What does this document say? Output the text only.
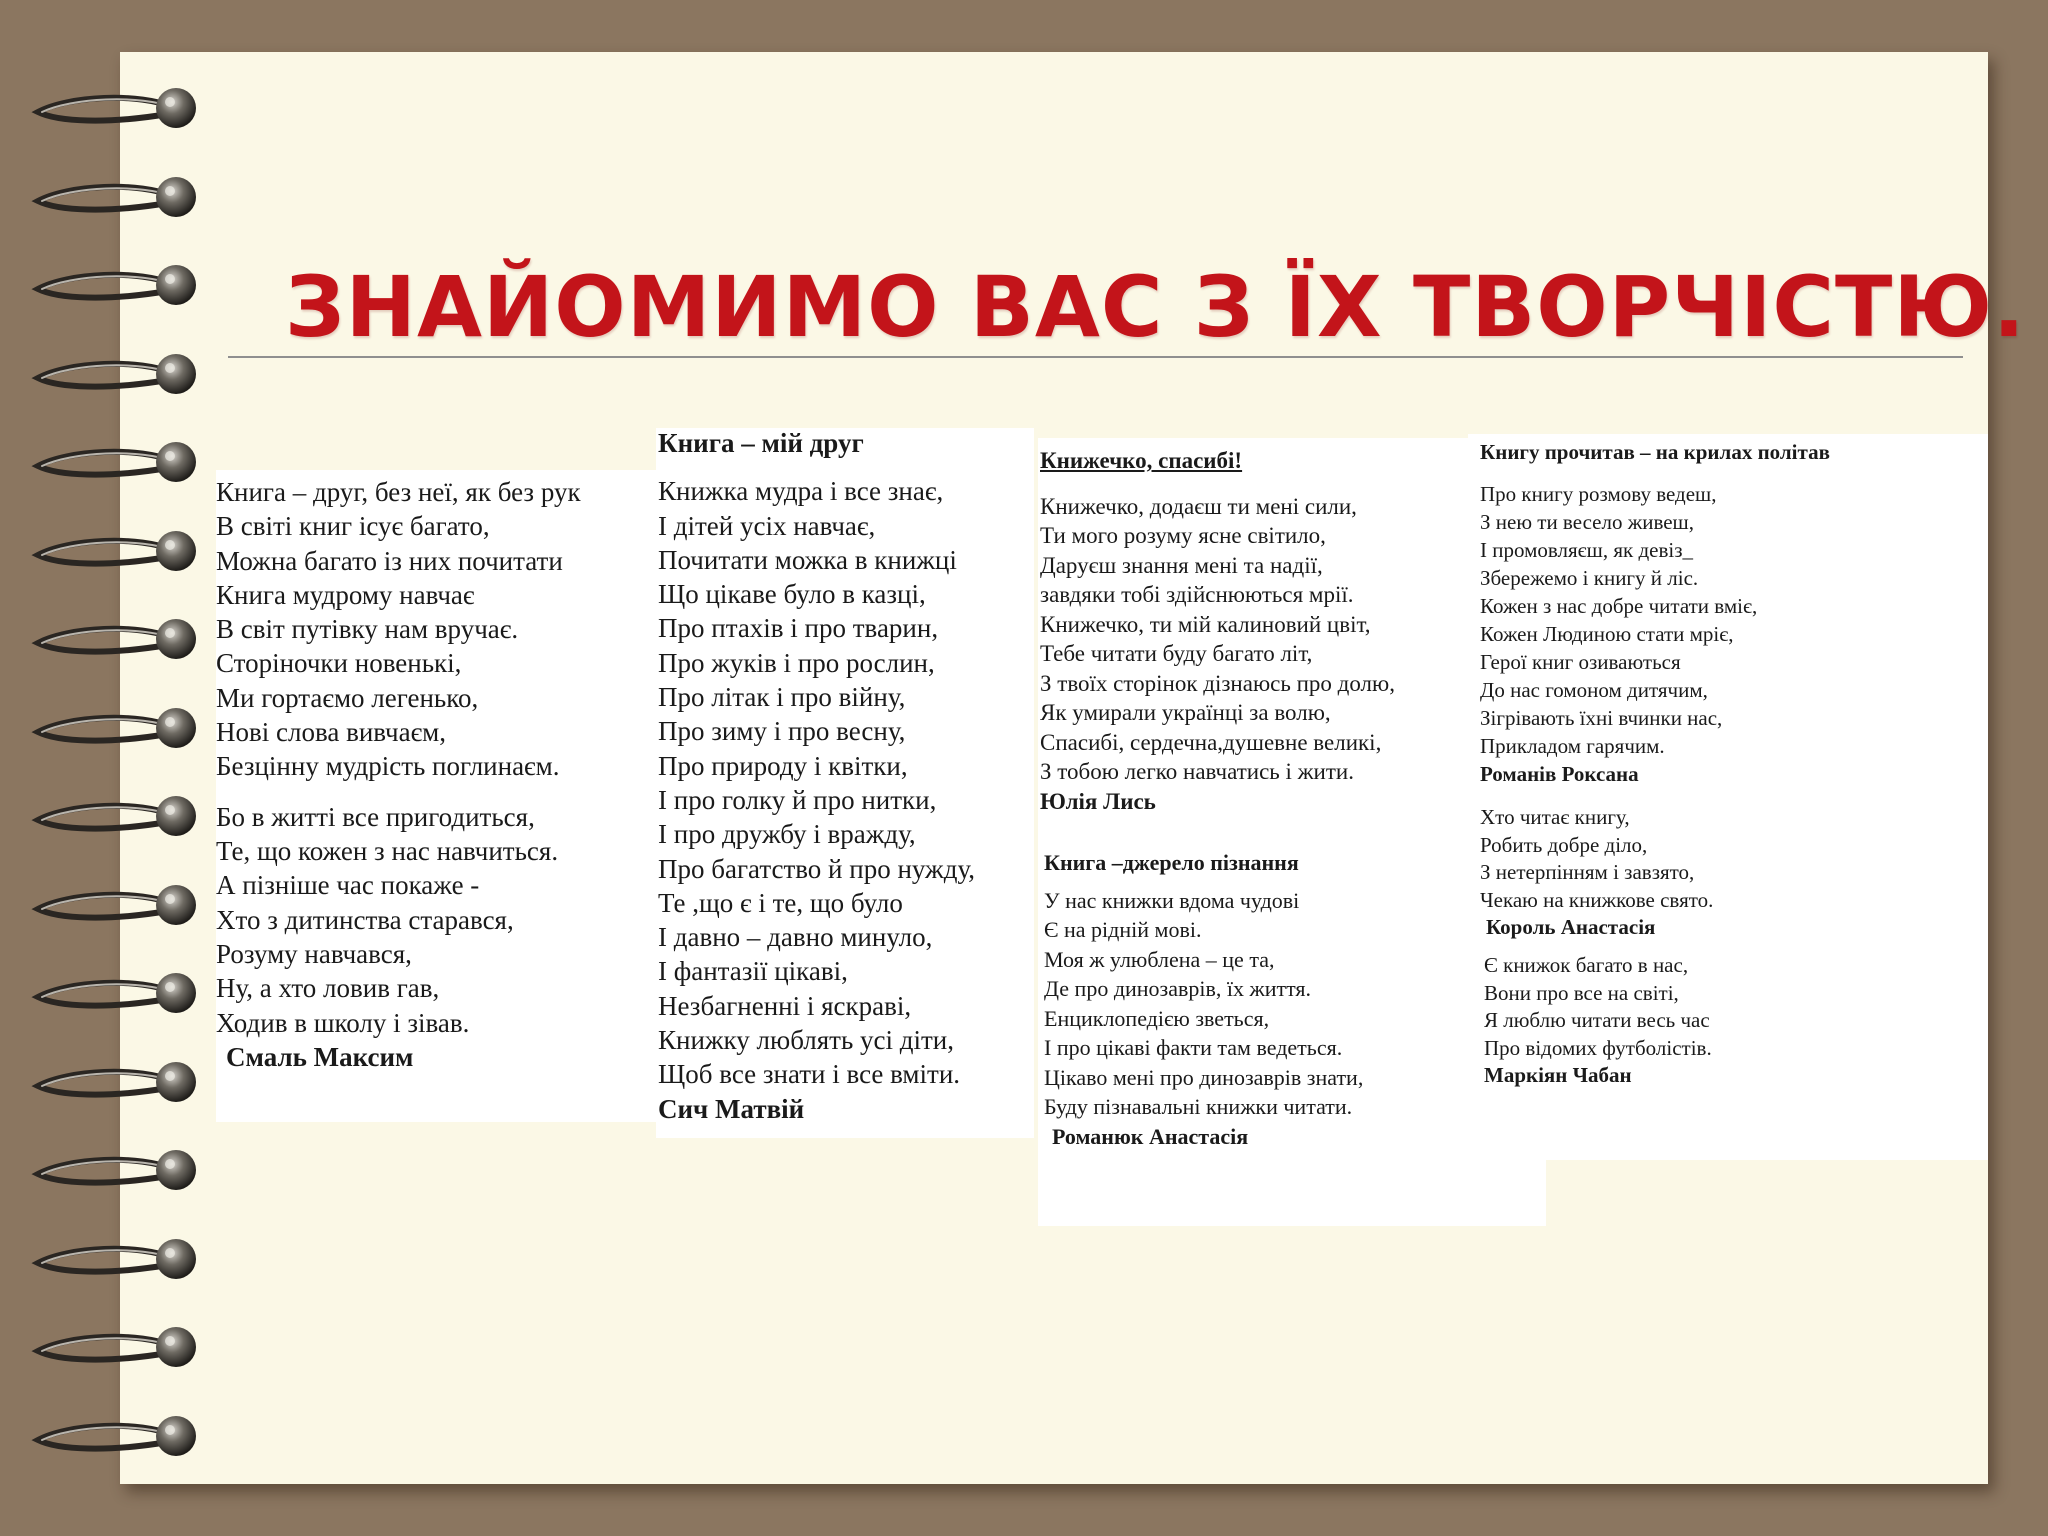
ЗНАЙОМИМО ВАС З ЇХ ТВОРЧІСТЮ.
Книга – друг, без неї, як без рук
В світі книг ісує багато,
Можна багато із них почитати
Книга мудрому навчає
В світ путівку нам вручає.
Сторіночки новенькі,
Ми гортаємо легенько,
Нові слова вивчаєм,
Безцінну мудрість поглинаєм.
Бо в житті все пригодиться,
Те, що кожен з нас навчиться.
А пізніше час покаже -
Хто з дитинства старався,
Розуму навчався,
Ну, а хто ловив гав,
Ходив в школу і зівав.
Смаль Максим
Книга – мій друг
Книжка мудра і все знає,
І дітей усіх навчає,
Почитати можка в книжці
Що цікаве було в казці,
Про птахів і про тварин,
Про жуків і про рослин,
Про літак і про війну,
Про зиму і про весну,
Про природу і квітки,
І про голку й про нитки,
І про дружбу і вражду,
Про багатство й про нужду,
Те ,що є і те, що було
І давно – давно минуло,
І фантазії цікаві,
Незбагненні і яскраві,
Книжку люблять усі діти,
Щоб все знати і все вміти.
Сич Матвій
Книжечко, спасибі!
Книжечко, додаєш ти мені сили,
Ти мого розуму ясне світило,
Даруєш знання мені та надії,
завдяки тобі здійснюються мрії.
Книжечко, ти мій калиновий цвіт,
Тебе читати буду багато літ,
З твоїх сторінок дізнаюсь про долю,
Як умирали українці за волю,
Спасибі, сердечна,душевне великі,
З тобою легко навчатись і жити.
Юлія Лись
Книга –джерело пізнання
У нас книжки вдома чудові
Є на рідній мові.
Моя ж улюблена – це та,
Де про динозаврів, їх життя.
Енциклопедією зветься,
І про цікаві факти там ведеться.
Цікаво мені про динозаврів знати,
Буду пізнавальні книжки читати.
Романюк Анастасія
Книгу прочитав – на крилах політав
Про книгу розмову ведеш,
З нею ти весело живеш,
І промовляєш, як девіз_
Збережемо і книгу й ліс.
Кожен з нас добре читати вміє,
Кожен Людиною стати мріє,
Герої книг озиваються
До нас гомоном дитячим,
Зігрівають їхні вчинки нас,
Прикладом гарячим.
Романів Роксана
Хто читає книгу,
Робить добре діло,
З нетерпінням і завзято,
Чекаю на книжкове свято.
Король Анастасія
Є книжок багато в нас,
Вони про все на світі,
Я люблю читати весь час
Про відомих футболістів.
Маркіян Чабан
